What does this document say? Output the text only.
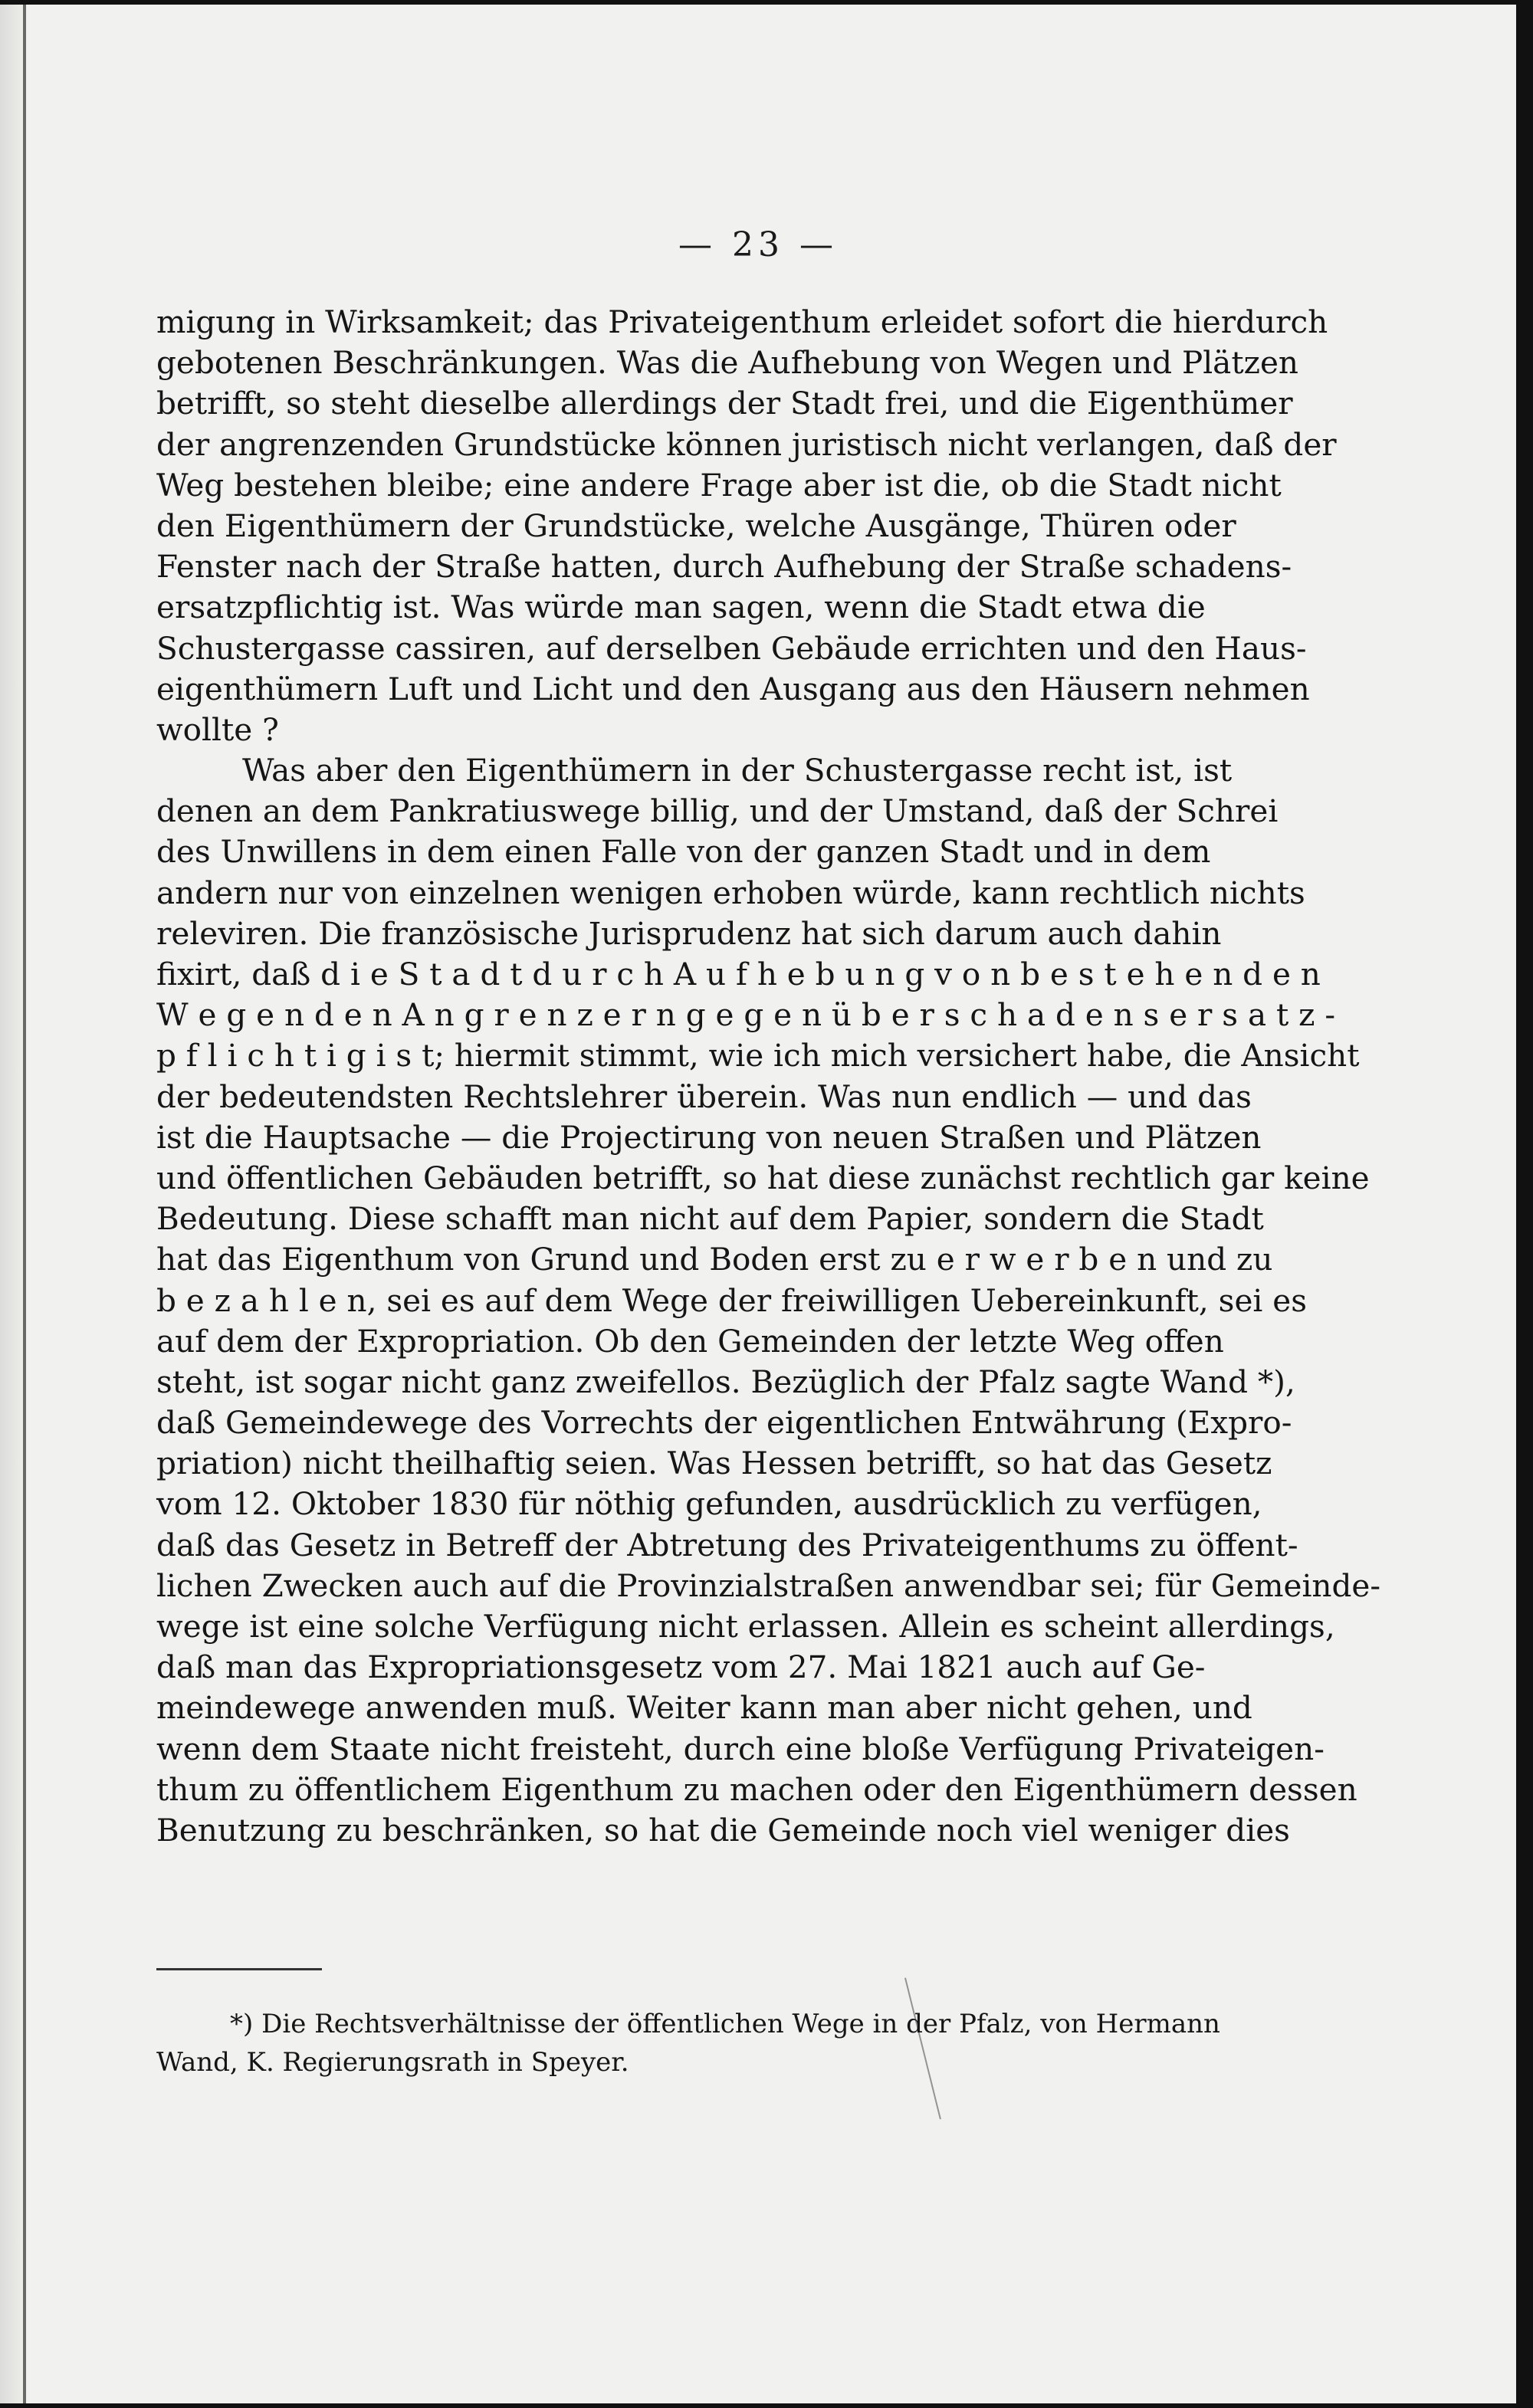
— 23 —
migung in Wirksamkeit; das Privateigenthum erleidet sofort die hierdurch
gebotenen Beschränkungen. Was die Aufhebung von Wegen und Plätzen
betrifft, so steht dieselbe allerdings der Stadt frei, und die Eigenthümer
der angrenzenden Grundstücke können juristisch nicht verlangen, daß der
Weg bestehen bleibe; eine andere Frage aber ist die, ob die Stadt nicht
den Eigenthümern der Grundstücke, welche Ausgänge, Thüren oder
Fenster nach der Straße hatten, durch Aufhebung der Straße schadens-
ersatzpflichtig ist. Was würde man sagen, wenn die Stadt etwa die
Schustergasse cassiren, auf derselben Gebäude errichten und den Haus-
eigenthümern Luft und Licht und den Ausgang aus den Häusern nehmen
wollte ?
Was aber den Eigenthümern in der Schustergasse recht ist, ist
denen an dem Pankratiuswege billig, und der Umstand, daß der Schrei
des Unwillens in dem einen Falle von der ganzen Stadt und in dem
andern nur von einzelnen wenigen erhoben würde, kann rechtlich nichts
releviren. Die französische Jurisprudenz hat sich darum auch dahin
fixirt, daß d i e S t a d t d u r c h A u f h e b u n g v o n b e s t e h e n d e n
W e g e n d e n A n g r e n z e r n g e g e n ü b e r s c h a d e n s e r s a t z -
p f l i c h t i g i s t; hiermit stimmt, wie ich mich versichert habe, die Ansicht
der bedeutendsten Rechtslehrer überein. Was nun endlich — und das
ist die Hauptsache — die Projectirung von neuen Straßen und Plätzen
und öffentlichen Gebäuden betrifft, so hat diese zunächst rechtlich gar keine
Bedeutung. Diese schafft man nicht auf dem Papier, sondern die Stadt
hat das Eigenthum von Grund und Boden erst zu e r w e r b e n und zu
b e z a h l e n, sei es auf dem Wege der freiwilligen Uebereinkunft, sei es
auf dem der Expropriation. Ob den Gemeinden der letzte Weg offen
steht, ist sogar nicht ganz zweifellos. Bezüglich der Pfalz sagte Wand *),
daß Gemeindewege des Vorrechts der eigentlichen Entwährung (Expro-
priation) nicht theilhaftig seien. Was Hessen betrifft, so hat das Gesetz
vom 12. Oktober 1830 für nöthig gefunden, ausdrücklich zu verfügen,
daß das Gesetz in Betreff der Abtretung des Privateigenthums zu öffent-
lichen Zwecken auch auf die Provinzialstraßen anwendbar sei; für Gemeinde-
wege ist eine solche Verfügung nicht erlassen. Allein es scheint allerdings,
daß man das Expropriationsgesetz vom 27. Mai 1821 auch auf Ge-
meindewege anwenden muß. Weiter kann man aber nicht gehen, und
wenn dem Staate nicht freisteht, durch eine bloße Verfügung Privateigen-
thum zu öffentlichem Eigenthum zu machen oder den Eigenthümern dessen
Benutzung zu beschränken, so hat die Gemeinde noch viel weniger dies
*) Die Rechtsverhältnisse der öffentlichen Wege in der Pfalz, von Hermann
Wand, K. Regierungsrath in Speyer.
